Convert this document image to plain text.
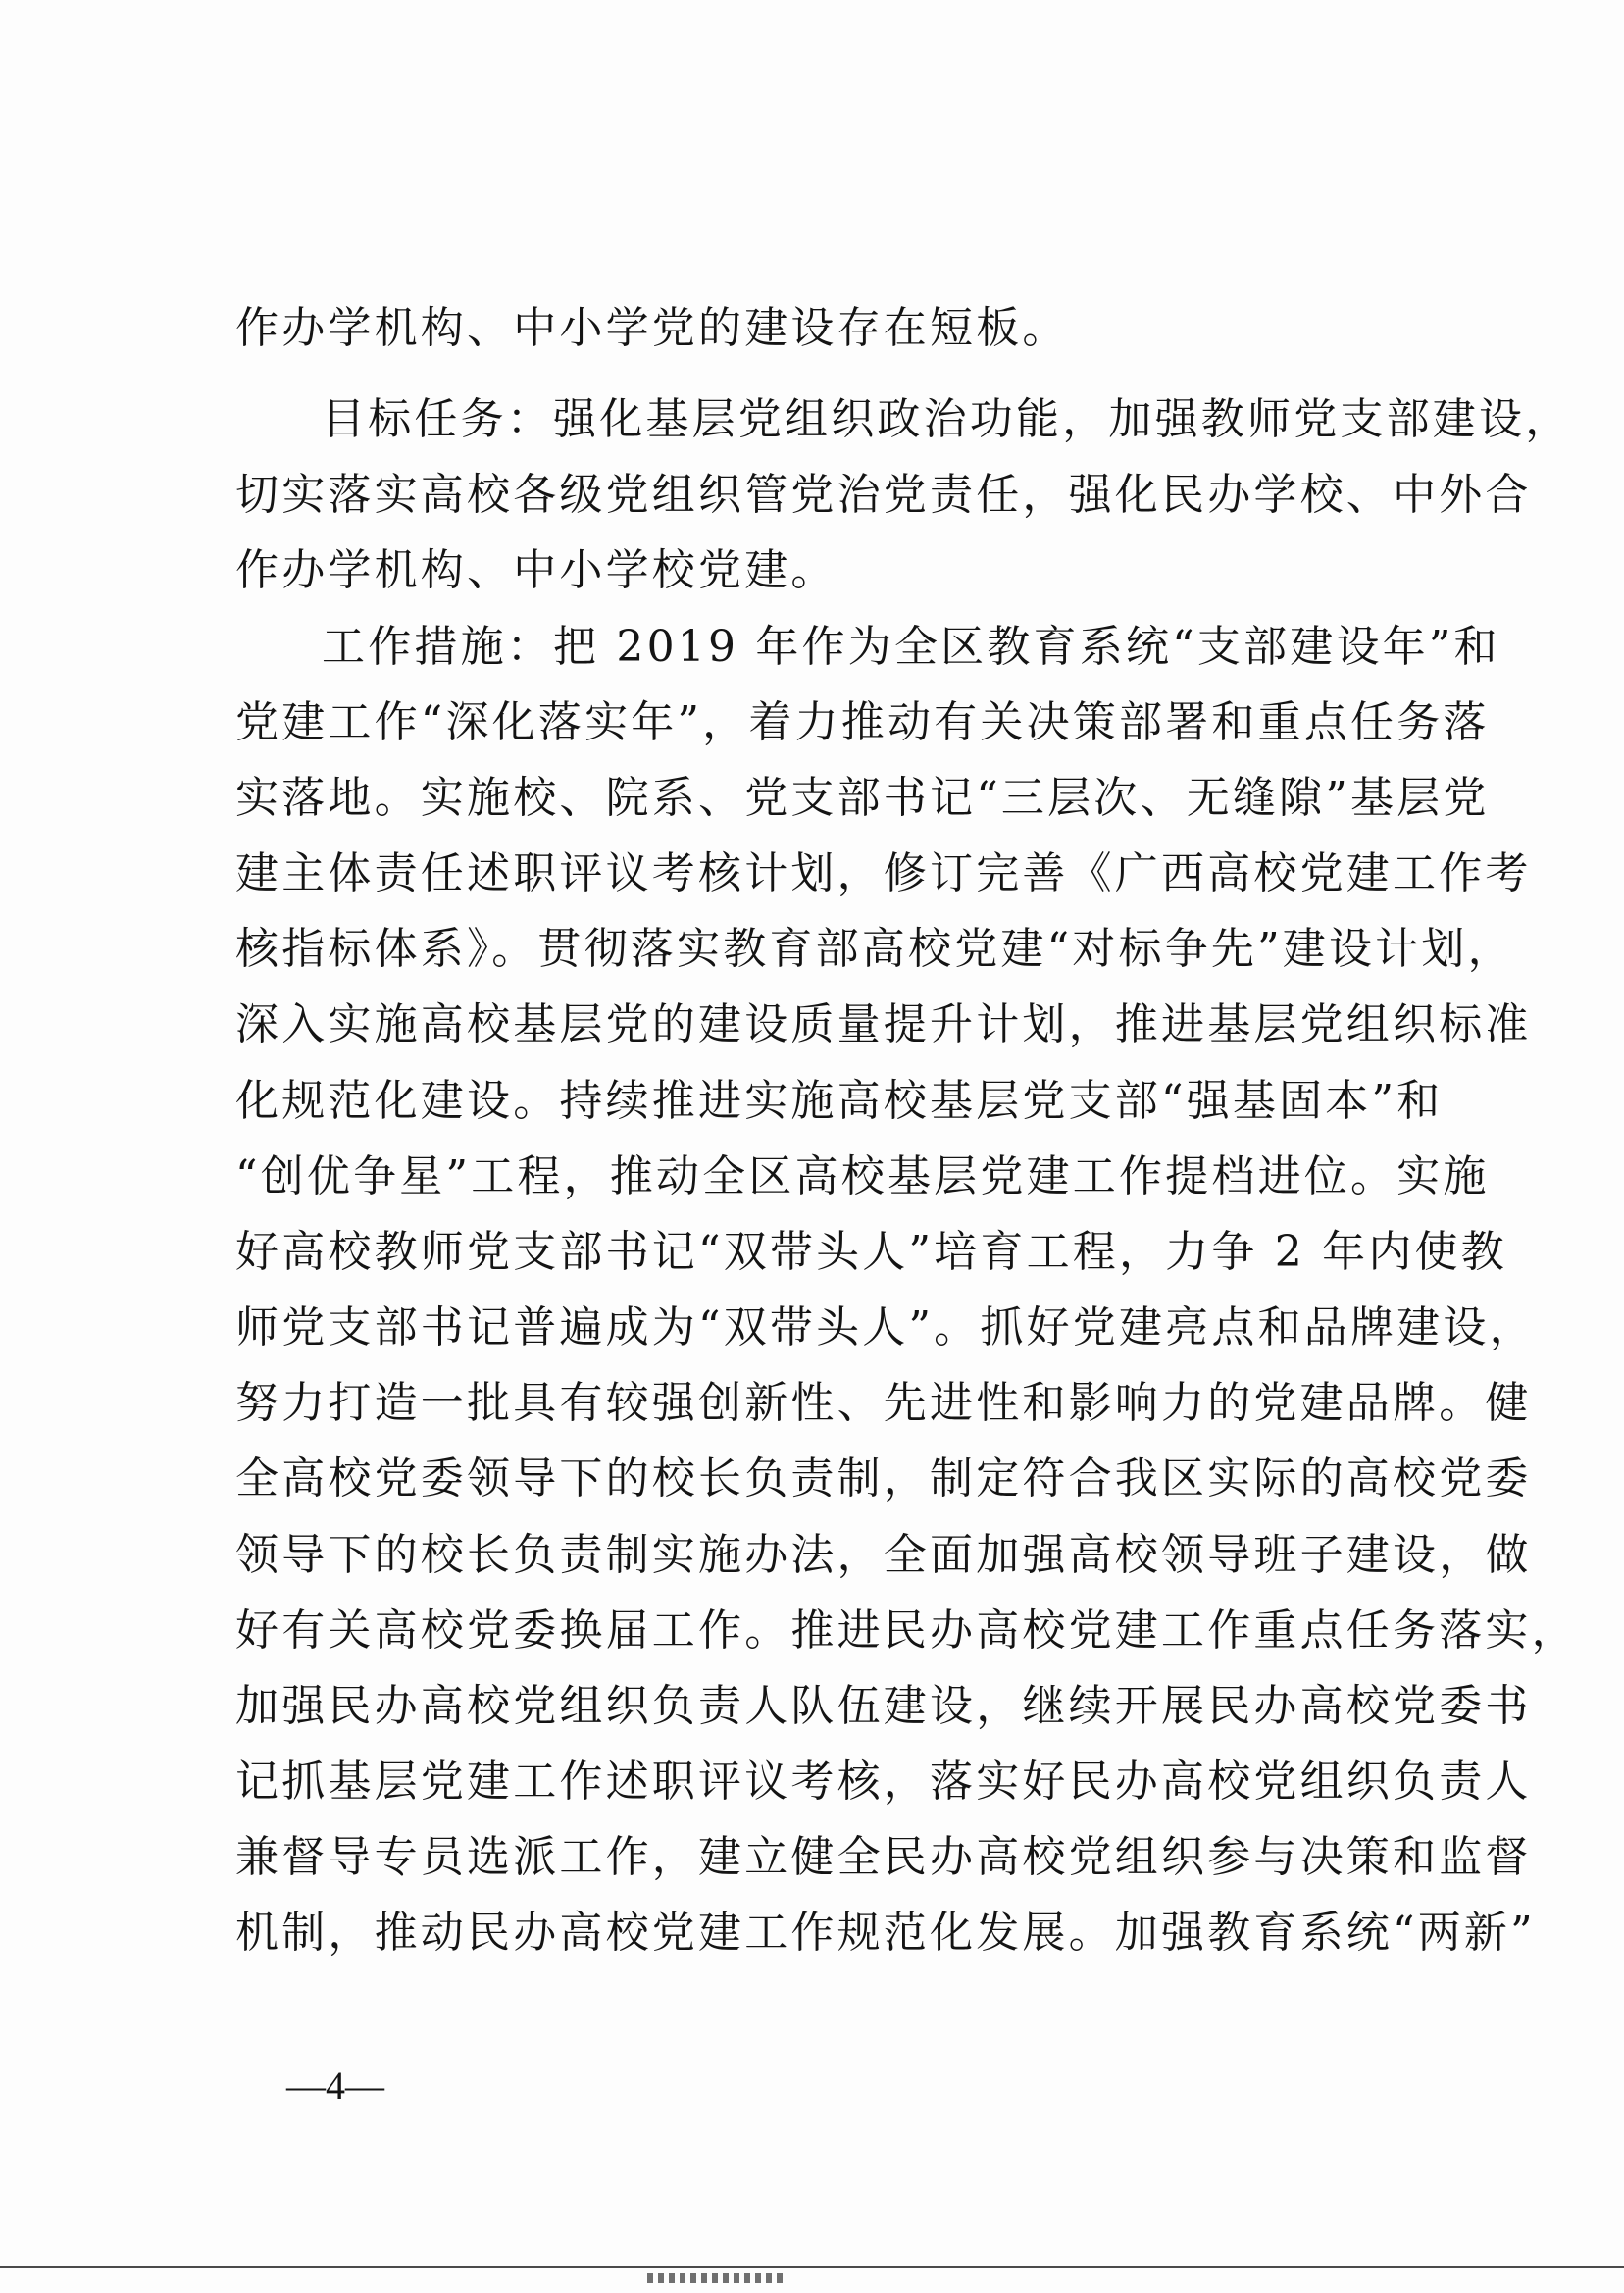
作办学机构、中小学党的建设存在短板。
目标任务：强化基层党组织政治功能，加强教师党支部建设，
切实落实高校各级党组织管党治党责任，强化民办学校、中外合
作办学机构、中小学校党建。
工作措施：把 2019 年作为全区教育系统“支部建设年”和
党建工作“深化落实年”，着力推动有关决策部署和重点任务落
实落地。实施校、院系、党支部书记“三层次、无缝隙”基层党
建主体责任述职评议考核计划，修订完善《广西高校党建工作考
核指标体系》。贯彻落实教育部高校党建“对标争先”建设计划，
深入实施高校基层党的建设质量提升计划，推进基层党组织标准
化规范化建设。持续推进实施高校基层党支部“强基固本”和
“创优争星”工程，推动全区高校基层党建工作提档进位。实施
好高校教师党支部书记“双带头人”培育工程，力争 2 年内使教
师党支部书记普遍成为“双带头人”。抓好党建亮点和品牌建设，
努力打造一批具有较强创新性、先进性和影响力的党建品牌。健
全高校党委领导下的校长负责制，制定符合我区实际的高校党委
领导下的校长负责制实施办法，全面加强高校领导班子建设，做
好有关高校党委换届工作。推进民办高校党建工作重点任务落实，
加强民办高校党组织负责人队伍建设，继续开展民办高校党委书
记抓基层党建工作述职评议考核，落实好民办高校党组织负责人
兼督导专员选派工作，建立健全民办高校党组织参与决策和监督
机制，推动民办高校党建工作规范化发展。加强教育系统“两新”
—4—
